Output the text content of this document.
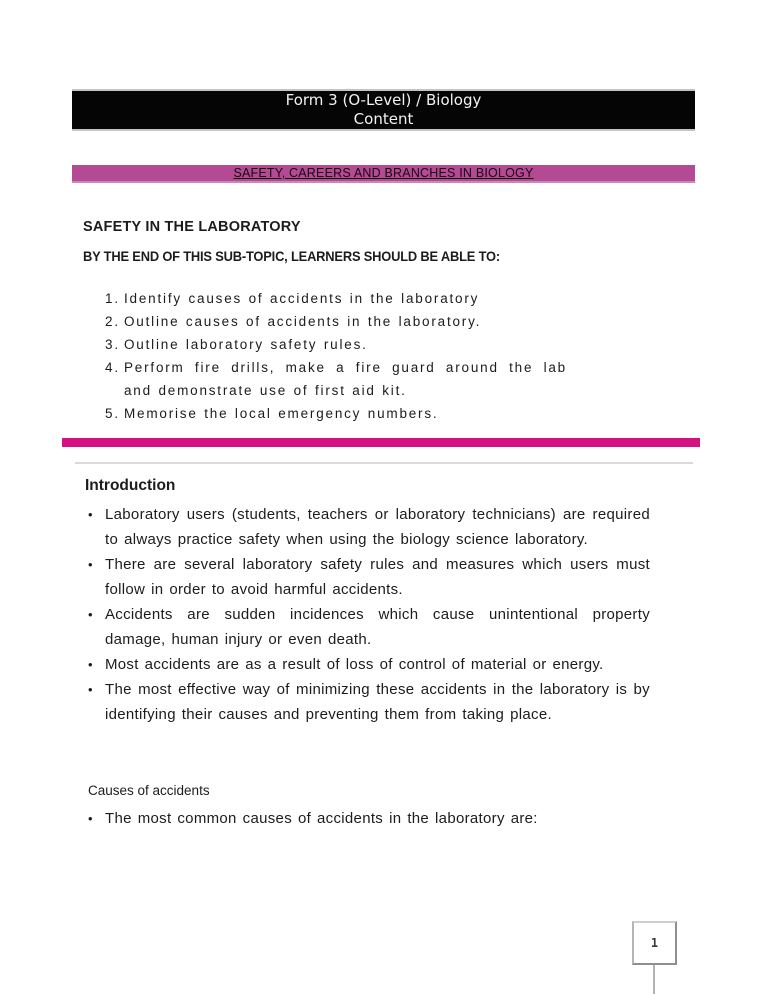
Form 3 (O-Level) / Biology
Content
SAFETY, CAREERS AND BRANCHES IN BIOLOGY
SAFETY IN THE LABORATORY
BY THE END OF THIS SUB-TOPIC, LEARNERS SHOULD BE ABLE TO:
Identify causes of accidents in the laboratory
Outline causes of accidents in the laboratory.
Outline laboratory safety rules.
Perform fire drills, make a fire guard around the lab and demonstrate use of first aid kit.
Memorise the local emergency numbers.
Introduction
• Laboratory users (students, teachers or laboratory technicians) are required to always practice safety when using the biology science laboratory.
• There are several laboratory safety rules and measures which users must follow in order to avoid harmful accidents.
• Accidents are sudden incidences which cause unintentional property damage, human injury or even death.
• Most accidents are as a result of loss of control of material or energy.
• The most effective way of minimizing these accidents in the laboratory is by identifying their causes and preventing them from taking place.
Causes of accidents
• The most common causes of accidents in the laboratory are:
1
